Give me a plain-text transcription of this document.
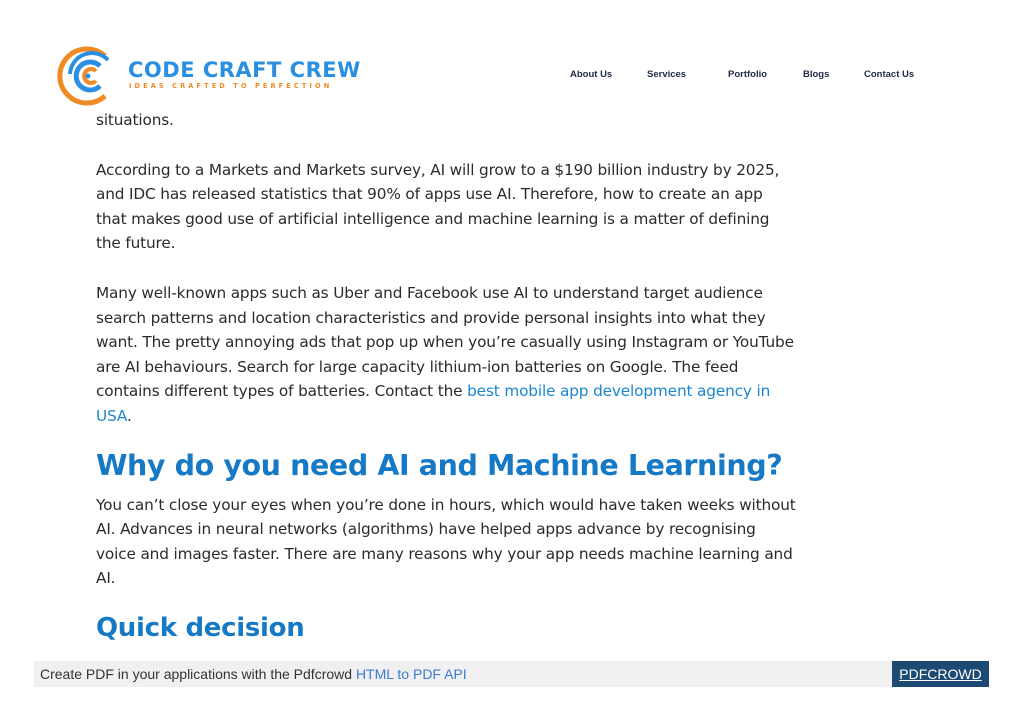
situations.

According to a Markets and Markets survey, AI will grow to a $190 billion industry by 2025, and IDC has released statistics that 90% of apps use AI. Therefore, how to create an app that makes good use of artificial intelligence and machine learning is a matter of defining the future.

Many well-known apps such as Uber and Facebook use AI to understand target audience search patterns and location characteristics and provide personal insights into what they want. The pretty annoying ads that pop up when you’re casually using Instagram or YouTube are AI behaviours. Search for large capacity lithium-ion batteries on Google. The feed contains different types of batteries. Contact the best mobile app development agency in USA.

Why do you need AI and Machine Learning?

You can’t close your eyes when you’re done in hours, which would have taken weeks without AI. Advances in neural networks (algorithms) have helped apps advance by recognising voice and images faster. There are many reasons why your app needs machine learning and AI.

Quick decision
CODE CRAFT CREW
IDEAS CRAFTED TO PERFECTION
About Us	Services	Portfolio	Blogs	Contact Us
Create PDF in your applications with the Pdfcrowd HTML to PDF API	PDFCROWD
